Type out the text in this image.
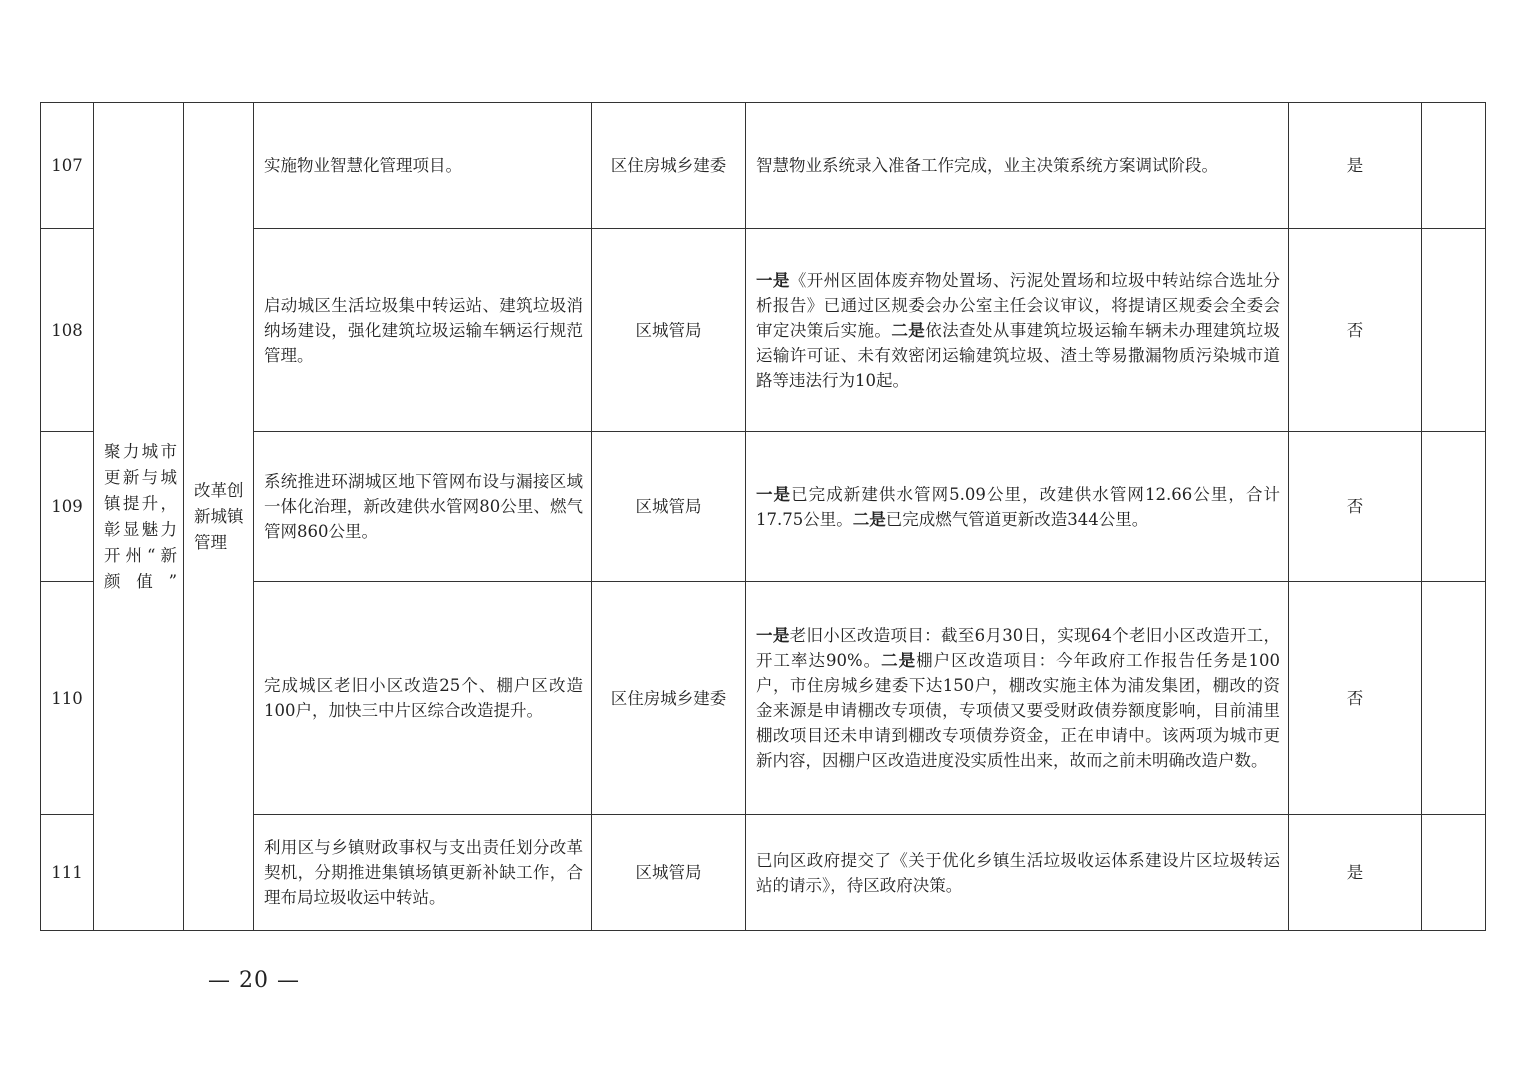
107	聚力城市更新与城镇提升，彰显魅力开州“新颜值”	改革创新城镇管理	实施物业智慧化管理项目。	区住房城乡建委	智慧物业系统录入准备工作完成，业主决策系统方案调试阶段。	是	
108			启动城区生活垃圾集中转运站、建筑垃圾消纳场建设，强化建筑垃圾运输车辆运行规范管理。	区城管局	一是《开州区固体废弃物处置场、污泥处置场和垃圾中转站综合选址分析报告》已通过区规委会办公室主任会议审议，将提请区规委会全委会审定决策后实施。二是依法查处从事建筑垃圾运输车辆未办理建筑垃圾运输许可证、未有效密闭运输建筑垃圾、渣土等易撒漏物质污染城市道路等违法行为10起。	否	
109			系统推进环湖城区地下管网布设与漏接区域一体化治理，新改建供水管网80公里、燃气管网860公里。	区城管局	一是已完成新建供水管网5.09公里，改建供水管网12.66公里，合计17.75公里。二是已完成燃气管道更新改造344公里。	否	
110			完成城区老旧小区改造25个、棚户区改造100户，加快三中片区综合改造提升。	区住房城乡建委	一是老旧小区改造项目：截至6月30日，实现64个老旧小区改造开工，开工率达90%。二是棚户区改造项目：今年政府工作报告任务是100户，市住房城乡建委下达150户，棚改实施主体为浦发集团，棚改的资金来源是申请棚改专项债，专项债又要受财政债券额度影响，目前浦里棚改项目还未申请到棚改专项债券资金，正在申请中。该两项为城市更新内容，因棚户区改造进度没实质性出来，故而之前未明确改造户数。	否	
111			利用区与乡镇财政事权与支出责任划分改革契机，分期推进集镇场镇更新补缺工作，合理布局垃圾收运中转站。	区城管局	已向区政府提交了《关于优化乡镇生活垃圾收运体系建设片区垃圾转运站的请示》，待区政府决策。	是	
— 20 —
